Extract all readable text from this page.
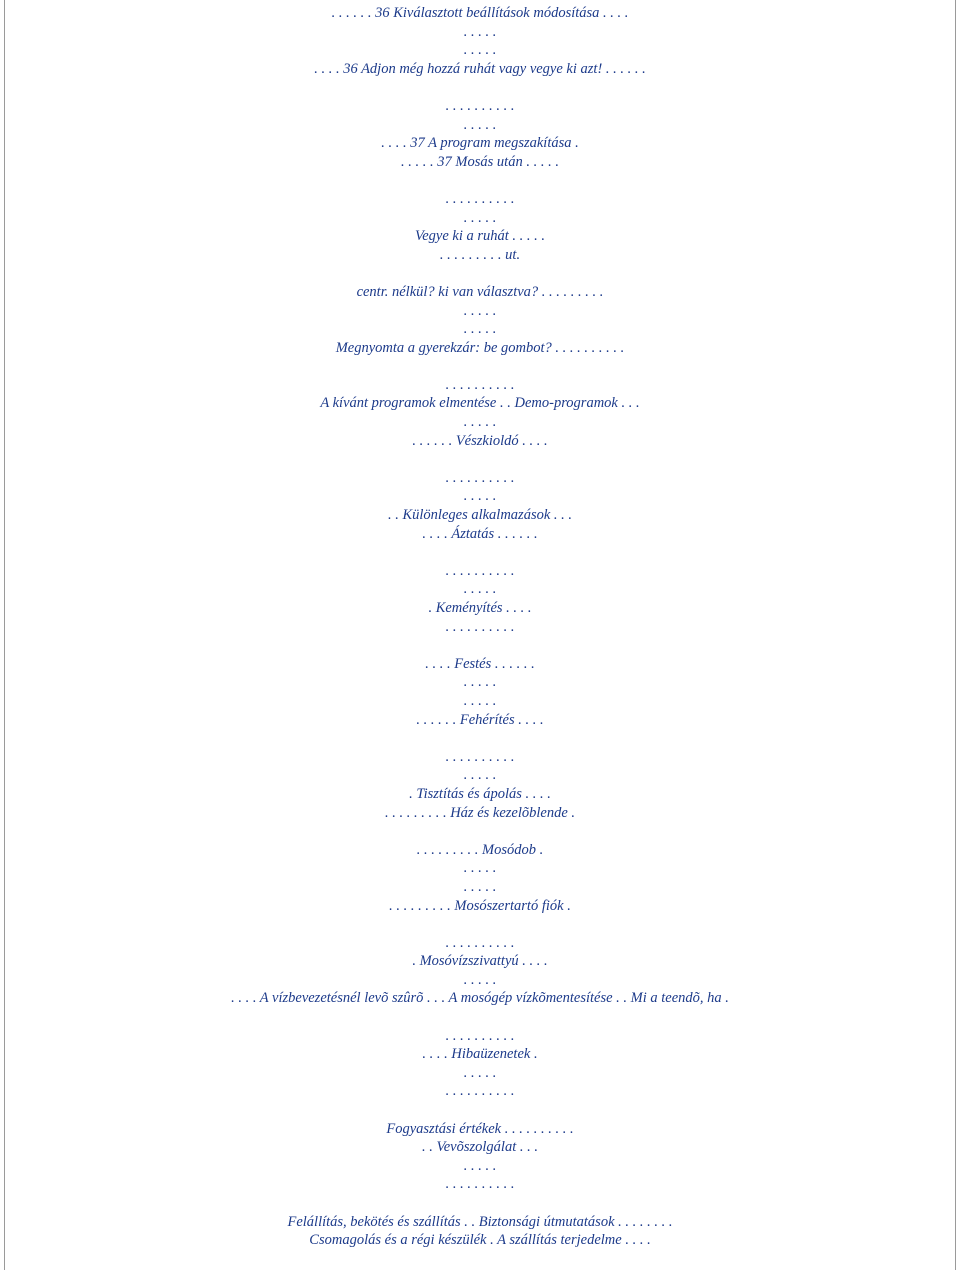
. . . . . . 36 Kiválasztott beállítások módosítása . . . .
. . . . .
. . . . .
. . . . 36 Adjon még hozzá ruhát vagy vegye ki azt! . . . . . .
. . . . . . . . . .
. . . . .
. . . . 37 A program megszakítása .
. . . . . 37 Mosás után . . . . .
. . . . . . . . . .
. . . . .
Vegye ki a ruhát . . . . .
. . . . . . . . . ut.
centr. nélkül? ki van választva? . . . . . . . . .
. . . . .
. . . . .
Megnyomta a gyerekzár: be gombot? . . . . . . . . . .
. . . . . . . . . .
A kívánt programok elmentése . . Demo-programok . . .
. . . . .
. . . . . . Vészkioldó . . . .
. . . . . . . . . .
. . . . .
. . Különleges alkalmazások . . .
. . . . Áztatás . . . . . .
. . . . . . . . . .
. . . . .
. Keményítés . . . .
. . . . . . . . . .
. . . . Festés . . . . . .
. . . . .
. . . . .
. . . . . . Fehérítés . . . .
. . . . . . . . . .
. . . . .
. Tisztítás és ápolás . . . .
. . . . . . . . . Ház és kezelõblende .
. . . . . . . . . Mosódob .
. . . . .
. . . . .
. . . . . . . . . Mosószertartó fiók .
. . . . . . . . . .
. Mosóvízszivattyú . . . .
. . . . .
. . . . A vízbevezetésnél levõ szûrõ . . . A mosógép vízkõmentesítése . . Mi a teendõ, ha .
. . . . . . . . . .
. . . . Hibaüzenetek .
. . . . .
. . . . . . . . . .
Fogyasztási értékek . . . . . . . . . .
. . Vevõszolgálat . . .
. . . . .
. . . . . . . . . .
Felállítás, bekötés és szállítás . . Biztonsági útmutatások . . . . . . . .
Csomagolás és a régi készülék . A szállítás terjedelme . . . .
